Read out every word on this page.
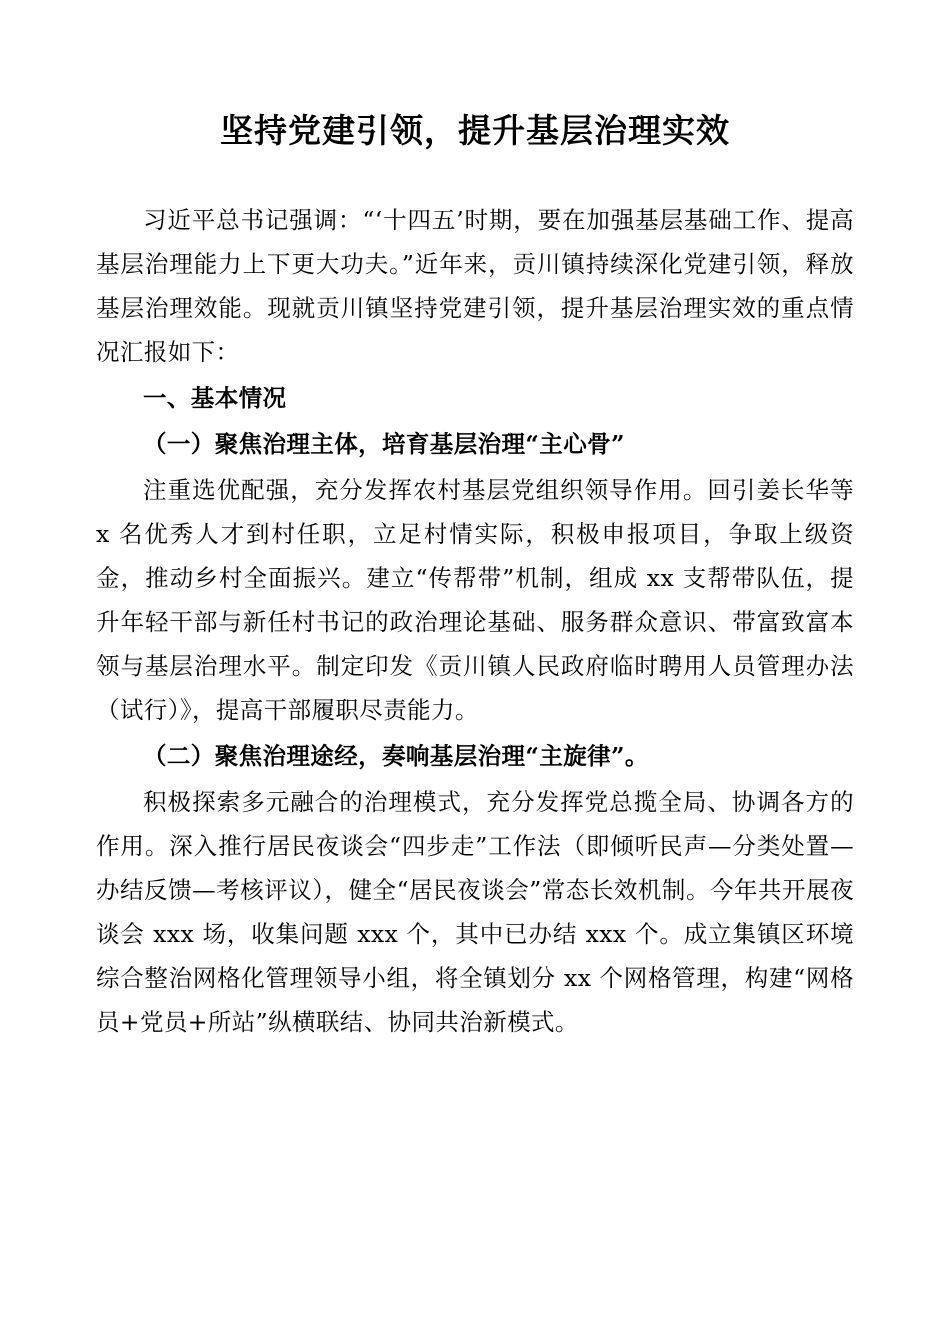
坚持党建引领，提升基层治理实效

习近平总书记强调：“‘十四五’时期，要在加强基层基础工作、提高基层治理能力上下更大功夫。”近年来，贡川镇持续深化党建引领，释放基层治理效能。现就贡川镇坚持党建引领，提升基层治理实效的重点情况汇报如下：

一、基本情况

（一）聚焦治理主体，培育基层治理“主心骨”

注重选优配强，充分发挥农村基层党组织领导作用。回引姜长华等 x 名优秀人才到村任职，立足村情实际，积极申报项目，争取上级资金，推动乡村全面振兴。建立“传帮带”机制，组成 xx 支帮带队伍，提升年轻干部与新任村书记的政治理论基础、服务群众意识、带富致富本领与基层治理水平。制定印发《贡川镇人民政府临时聘用人员管理办法（试行）》，提高干部履职尽责能力。

（二）聚焦治理途经，奏响基层治理“主旋律”。

积极探索多元融合的治理模式，充分发挥党总揽全局、协调各方的作用。深入推行居民夜谈会“四步走”工作法（即倾听民声—分类处置—办结反馈—考核评议），健全“居民夜谈会”常态长效机制。今年共开展夜谈会 xxx 场，收集问题 xxx 个，其中已办结 xxx 个。成立集镇区环境综合整治网格化管理领导小组，将全镇划分 xx 个网格管理，构建“网格员+党员+所站”纵横联结、协同共治新模式。
